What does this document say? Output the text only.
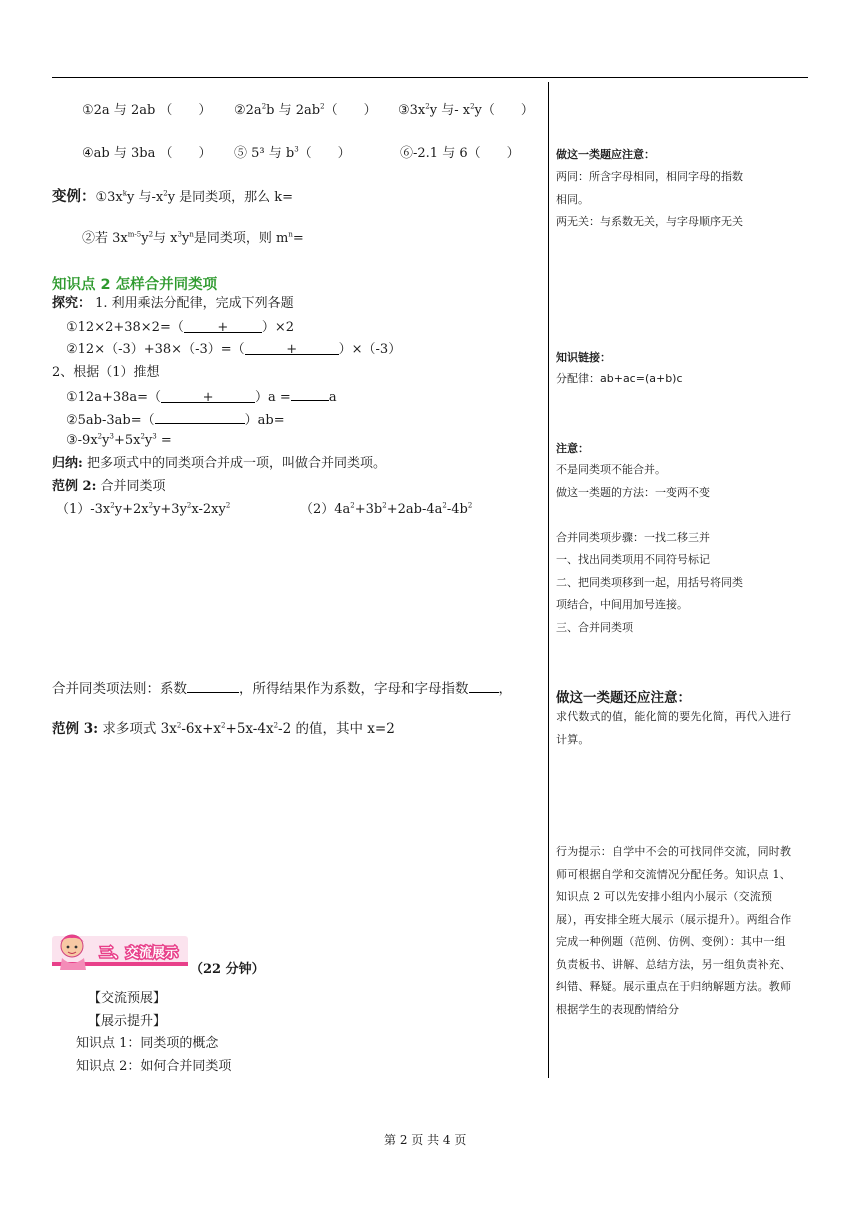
①2a 与 2ab （　　） $②2a^2b$ 与 $2ab^2$（　　） $③3x^2y$ 与- $x^2y$（　　）
④ab 与 3ba （　　） ⑤ 5³ 与 $b^3$（　　）	⑥-2.1 与 6（　　）
变例：$①3x^ky$ 与$-x^2y$ 是同类项，那么 k=
②若 $3x^{m-5}y^2$与 $x^3y^n$是同类项，则 $m^n=$
知识点 2 怎样合并同类项
探究： 1. 利用乘法分配律，完成下列各题
①12×2+38×2=（	+	）×2
②12×（-3）+38×（-3）=（	+	）×（-3）
2、根据（1）推想
①12a+38a=（	+	）a =	a
②5ab-3ab=（	）ab=
$③-9x^2y^3+5x^2y^3$ =
归纳: 把多项式中的同类项合并成一项，叫做合并同类项。
范例 2: 合并同类项
$(1)-3x^2y+2x^2y+3y^2x-2xy^2$	$(2)4a^2+3b^2+2ab-4a^2-4b^2$
合并同类项法则：系数	，所得结果作为系数，字母和字母指数 ，
范例 3: 求多项式 $3x^2-6x+x^2+5x-4x^2-2$ 的值，其中 x=2
三、交流展示
（22 分钟）
【交流预展】
【展示提升】
知识点 1：同类项的概念
知识点 2：如何合并同类项
做这一类题应注意：
两同：所含字母相同，相同字母的指数
相同。
两无关：与系数无关，与字母顺序无关
知识链接：
分配律：ab+ac=(a+b)c
注意：
不是同类项不能合并。
做这一类题的方法：一变两不变
合并同类项步骤：一找二移三并
一、找出同类项用不同符号标记
二、把同类项移到一起，用括号将同类
项结合，中间用加号连接。
三、合并同类项
做这一类题还应注意：
求代数式的值，能化简的要先化简，再代入进行计算。
行为提示：自学中不会的可找同伴交流，同时教师可根据自学和交流情况分配任务。知识点 1、知识点 2 可以先安排小组内小展示（交流预展），再安排全班大展示（展示提升）。两组合作完成一种例题（范例、仿例、变例）：其中一组负责板书、讲解、总结方法，另一组负责补充、纠错、释疑。展示重点在于归纳解题方法。教师根据学生的表现酌情给分
第 2 页 共 4 页
